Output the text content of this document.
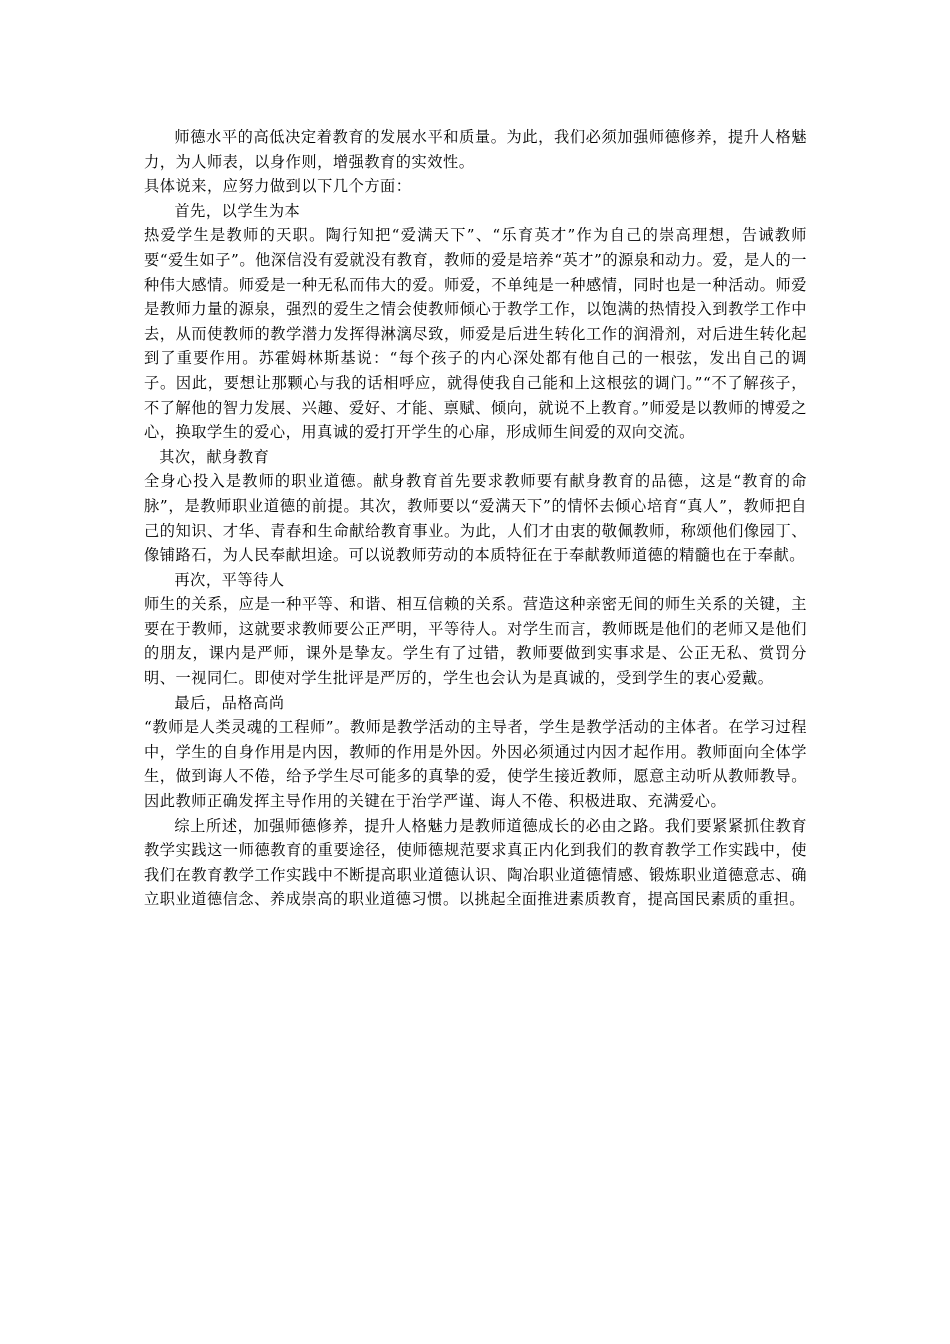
师德水平的高低决定着教育的发展水平和质量。为此，我们必须加强师德修养，提升人格魅力，为人师表，以身作则，增强教育的实效性。

具体说来，应努力做到以下几个方面：

首先，以学生为本

热爱学生是教师的天职。陶行知把“爱满天下”、“乐育英才”作为自己的崇高理想，告诫教师要“爱生如子”。他深信没有爱就没有教育，教师的爱是培养“英才”的源泉和动力。爱，是人的一种伟大感情。师爱是一种无私而伟大的爱。师爱，不单纯是一种感情，同时也是一种活动。师爱是教师力量的源泉，强烈的爱生之情会使教师倾心于教学工作，以饱满的热情投入到教学工作中去，从而使教师的教学潜力发挥得淋漓尽致，师爱是后进生转化工作的润滑剂，对后进生转化起到了重要作用。苏霍姆林斯基说：“每个孩子的内心深处都有他自己的一根弦，发出自己的调子。因此，要想让那颗心与我的话相呼应，就得使我自己能和上这根弦的调门。”“不了解孩子，不了解他的智力发展、兴趣、爱好、才能、禀赋、倾向，就说不上教育。”师爱是以教师的博爱之心，换取学生的爱心，用真诚的爱打开学生的心扉，形成师生间爱的双向交流。

其次，献身教育

全身心投入是教师的职业道德。献身教育首先要求教师要有献身教育的品德，这是“教育的命脉”，是教师职业道德的前提。其次，教师要以“爱满天下”的情怀去倾心培育“真人”，教师把自己的知识、才华、青春和生命献给教育事业。为此，人们才由衷的敬佩教师，称颂他们像园丁、像铺路石，为人民奉献坦途。可以说教师劳动的本质特征在于奉献教师道德的精髓也在于奉献。

再次，平等待人

师生的关系，应是一种平等、和谐、相互信赖的关系。营造这种亲密无间的师生关系的关键，主要在于教师，这就要求教师要公正严明，平等待人。对学生而言，教师既是他们的老师又是他们的朋友，课内是严师，课外是挚友。学生有了过错，教师要做到实事求是、公正无私、赏罚分明、一视同仁。即使对学生批评是严厉的，学生也会认为是真诚的，受到学生的衷心爱戴。

最后，品格高尚

“教师是人类灵魂的工程师”。教师是教学活动的主导者，学生是教学活动的主体者。在学习过程中，学生的自身作用是内因，教师的作用是外因。外因必须通过内因才起作用。教师面向全体学生，做到诲人不倦，给予学生尽可能多的真挚的爱，使学生接近教师，愿意主动听从教师教导。因此教师正确发挥主导作用的关键在于治学严谨、诲人不倦、积极进取、充满爱心。

综上所述，加强师德修养，提升人格魅力是教师道德成长的必由之路。我们要紧紧抓住教育教学实践这一师德教育的重要途径，使师德规范要求真正内化到我们的教育教学工作实践中，使我们在教育教学工作实践中不断提高职业道德认识、陶冶职业道德情感、锻炼职业道德意志、确立职业道德信念、养成崇高的职业道德习惯。以挑起全面推进素质教育，提高国民素质的重担。
